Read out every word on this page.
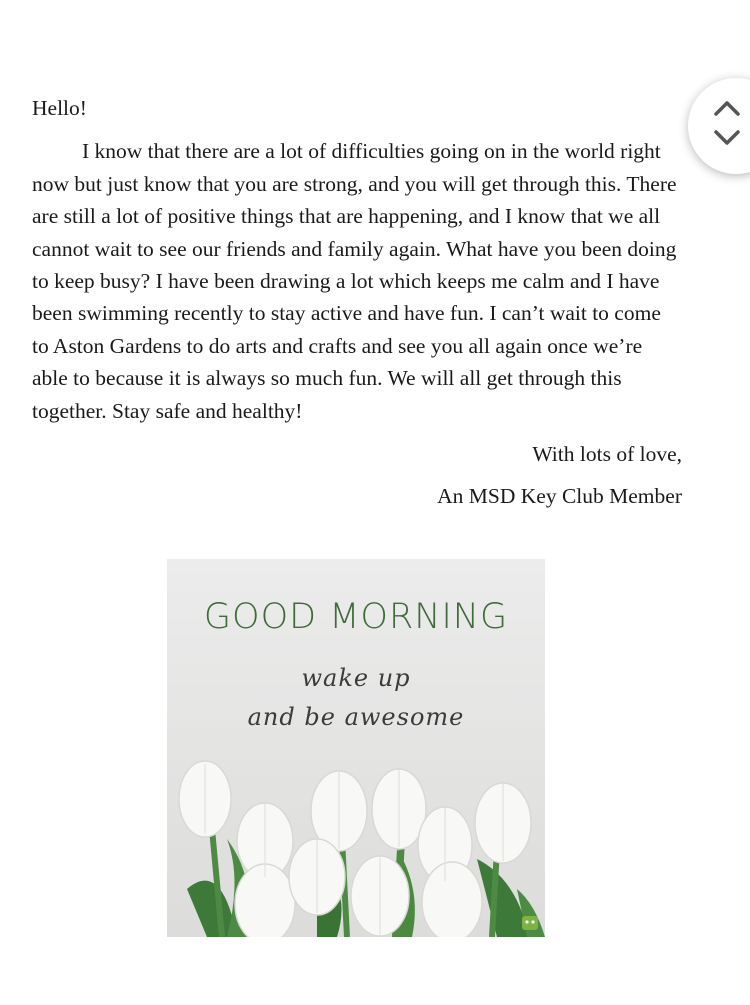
Hello!

I know that there are a lot of difficulties going on in the world right now but just know that you are strong, and you will get through this. There are still a lot of positive things that are happening, and I know that we all cannot wait to see our friends and family again. What have you been doing to keep busy? I have been drawing a lot which keeps me calm and I have been swimming recently to stay active and have fun. I can’t wait to come to Aston Gardens to do arts and crafts and see you all again once we’re able to because it is always so much fun. We will all get through this together. Stay safe and healthy!

With lots of love,
An MSD Key Club Member
GOOD MORNING
wake up
and be awesome
